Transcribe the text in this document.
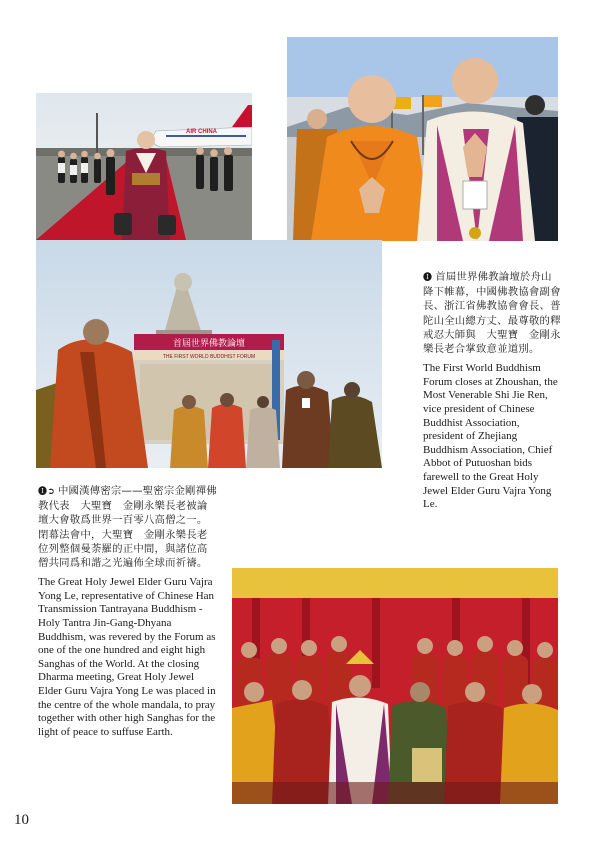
AIR CHINA
首屆世界佛教論壇
THE FIRST WORLD BUDDHIST FORUM

🅘 首屆世界佛教論壇於舟山降下帷幕，中國佛教協會副會長、浙江省佛教協會會長、普陀山全山總方丈、最尊敬的釋戒忍大師與　大聖寶　金剛永樂長老合掌致意並道別。

The First World Buddhism Forum closes at Zhoushan, the Most Venerable Shi Jie Ren, vice president of Chinese Buddhist Association, president of Zhejiang Buddhism Association, Chief Abbot of Putuoshan bids farewell to the Great Holy Jewel Elder Guru Vajra Yong Le.

🅘➲ 中國漢傳密宗——聖密宗金剛禪佛教代表　大聖寶　金剛永樂長老被論壇大會敬爲世界一百零八高僧之一。閉幕法會中，大聖寶　金剛永樂長老位列整個曼荼羅的正中間，與諸位高僧共同爲和諧之光遍佈全球而祈禱。

The Great Holy Jewel Elder Guru Vajra Yong Le, representative of Chinese Han Transmission Tantrayana Buddhism - Holy Tantra Jin-Gang-Dhyana Buddhism, was revered by the Forum as one of the one hundred and eight high Sanghas of the World. At the closing Dharma meeting, Great Holy Jewel Elder Guru Vajra Yong Le was placed in the centre of the whole mandala, to pray together with other high Sanghas for the light of peace to suffuse Earth.

10
